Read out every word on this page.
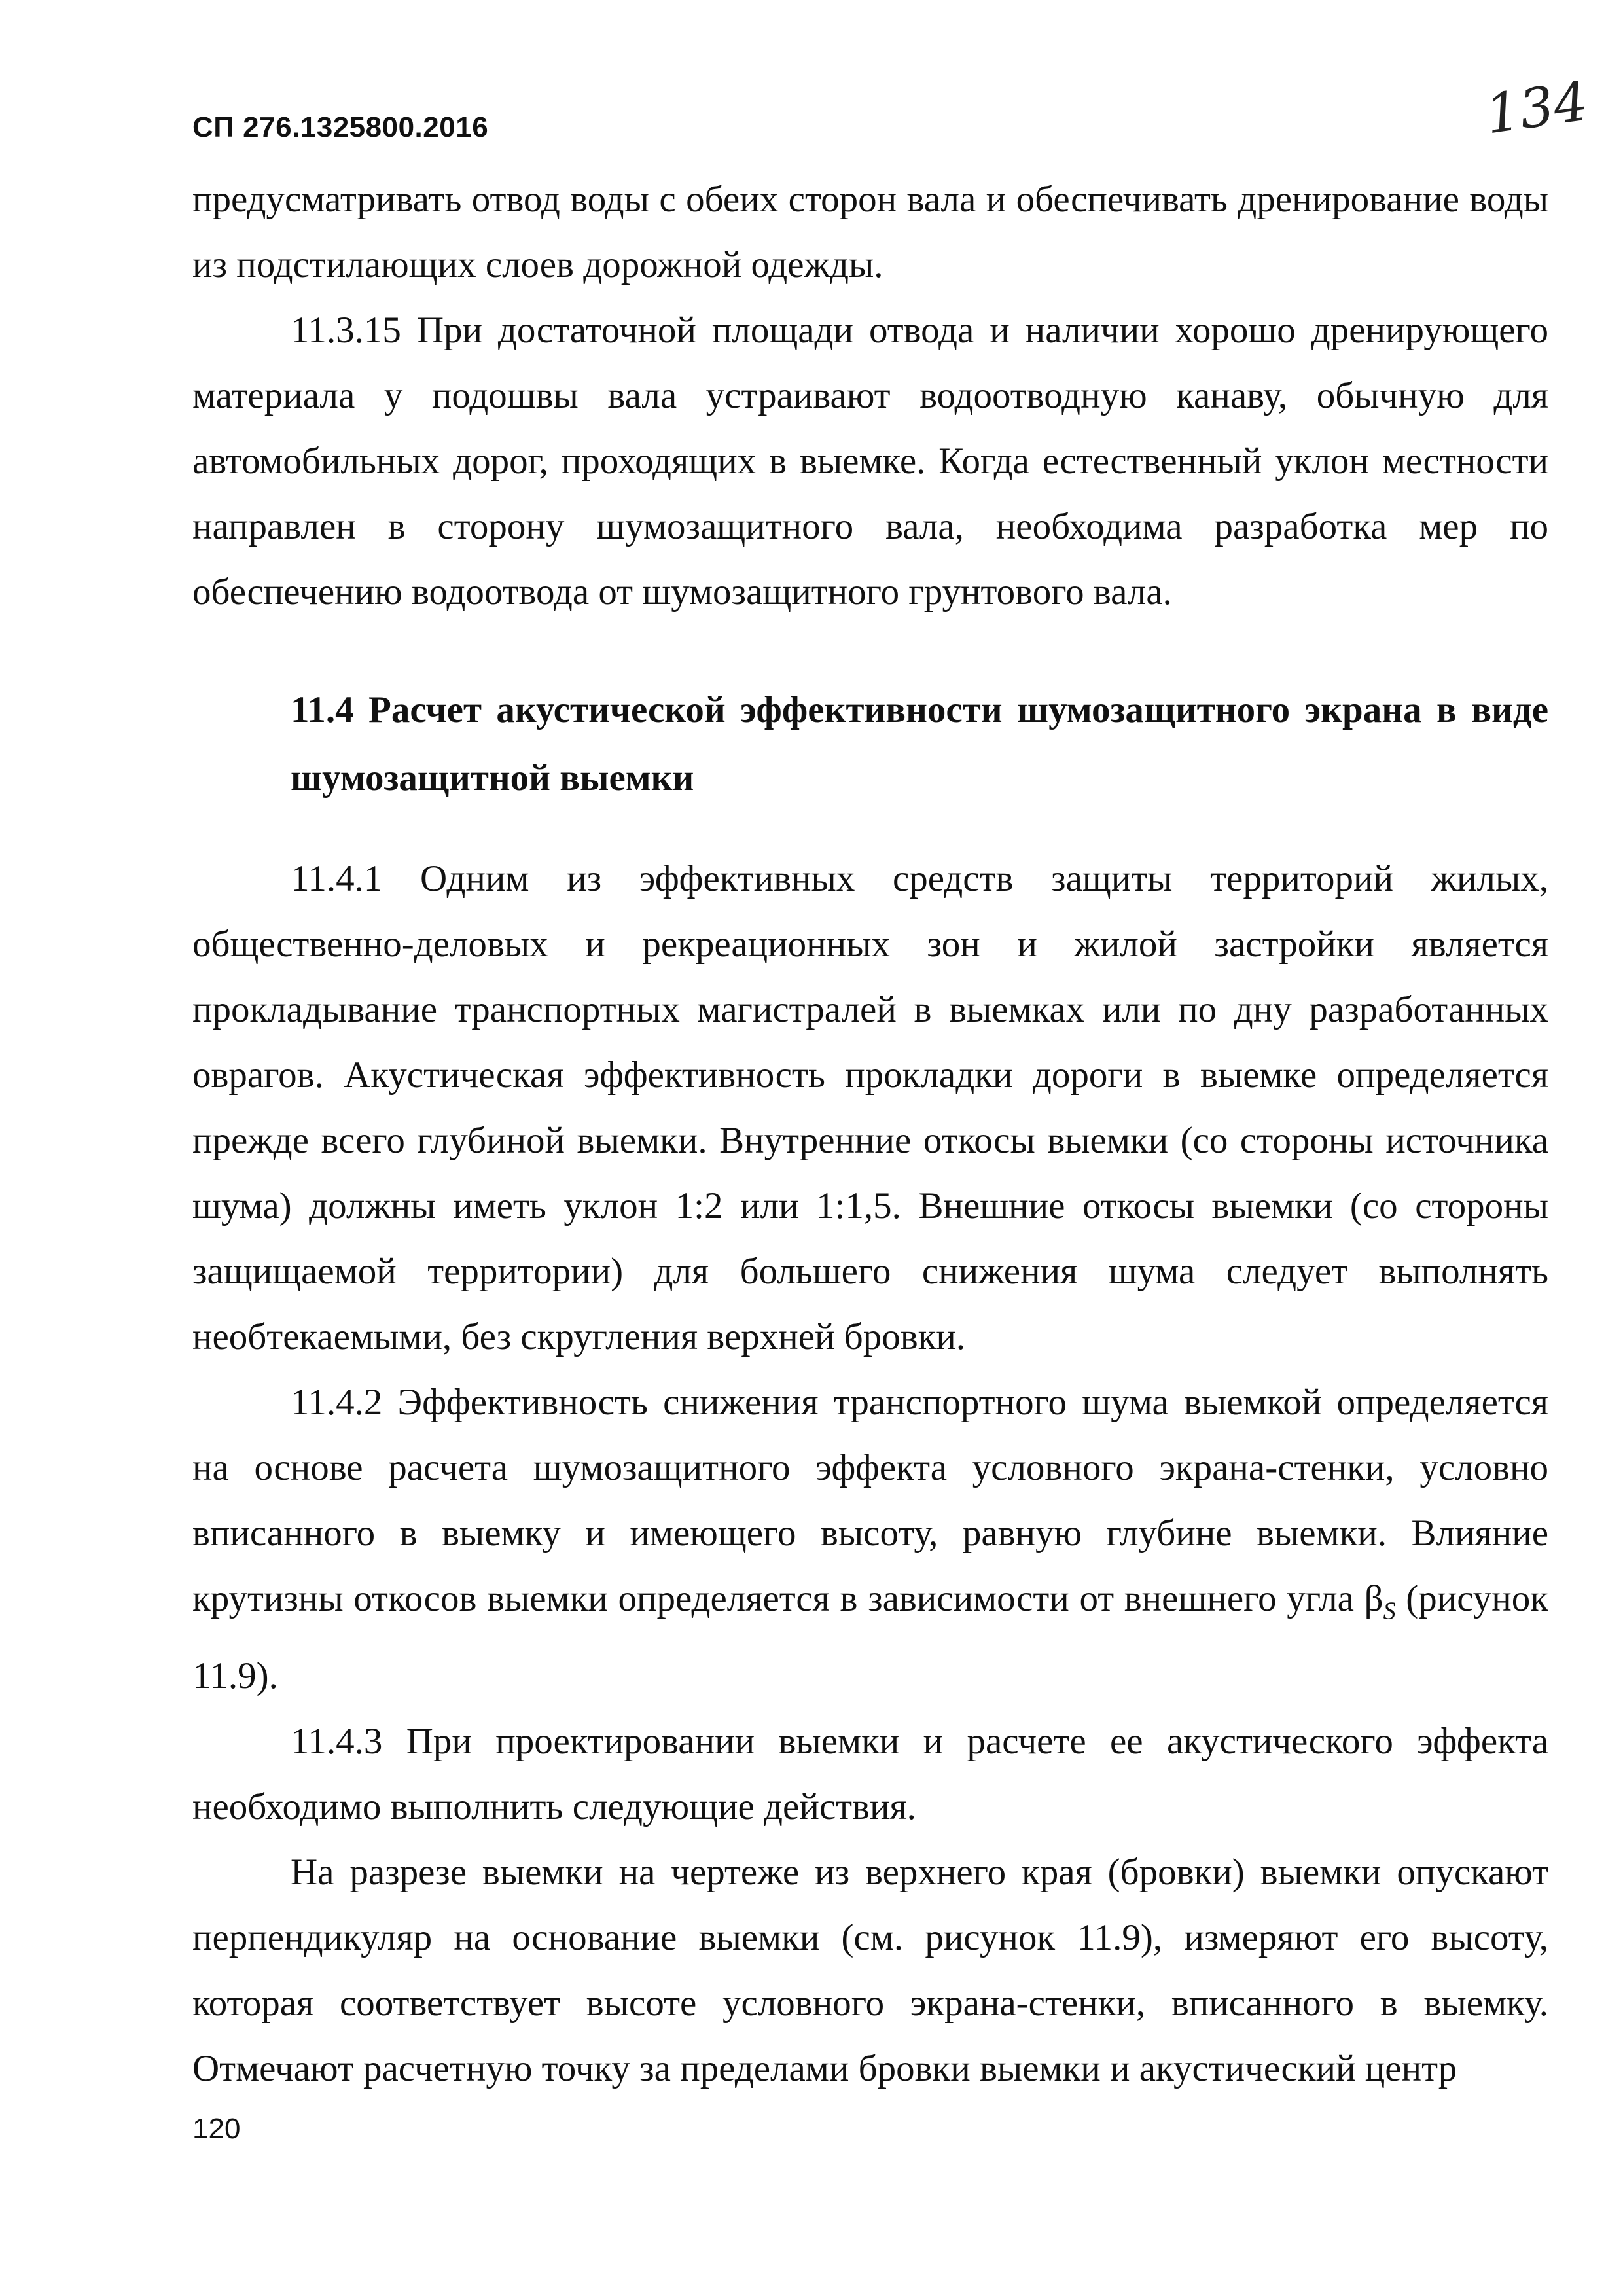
СП 276.1325800.2016	134

предусматривать отвод воды с обеих сторон вала и обеспечивать дренирование воды из подстилающих слоев дорожной одежды.

11.3.15 При достаточной площади отвода и наличии хорошо дренирующего материала у подошвы вала устраивают водоотводную канаву, обычную для автомобильных дорог, проходящих в выемке. Когда естественный уклон местности направлен в сторону шумозащитного вала, необходима разработка мер по обеспечению водоотвода от шумозащитного грунтового вала.

11.4 Расчет акустической эффективности шумозащитного экрана в виде шумозащитной выемки

11.4.1 Одним из эффективных средств защиты территорий жилых, общественно-деловых и рекреационных зон и жилой застройки является прокладывание транспортных магистралей в выемках или по дну разработанных оврагов. Акустическая эффективность прокладки дороги в выемке определяется прежде всего глубиной выемки. Внутренние откосы выемки (со стороны источника шума) должны иметь уклон 1:2 или 1:1,5. Внешние откосы выемки (со стороны защищаемой территории) для большего снижения шума следует выполнять необтекаемыми, без скругления верхней бровки.

11.4.2 Эффективность снижения транспортного шума выемкой определяется на основе расчета шумозащитного эффекта условного экрана-стенки, условно вписанного в выемку и имеющего высоту, равную глубине выемки. Влияние крутизны откосов выемки определяется в зависимости от внешнего угла $\beta_S$ (рисунок 11.9).

11.4.3 При проектировании выемки и расчете ее акустического эффекта необходимо выполнить следующие действия.

На разрезе выемки на чертеже из верхнего края (бровки) выемки опускают перпендикуляр на основание выемки (см. рисунок 11.9), измеряют его высоту, которая соответствует высоте условного экрана-стенки, вписанного в выемку. Отмечают расчетную точку за пределами бровки выемки и акустический центр

120
